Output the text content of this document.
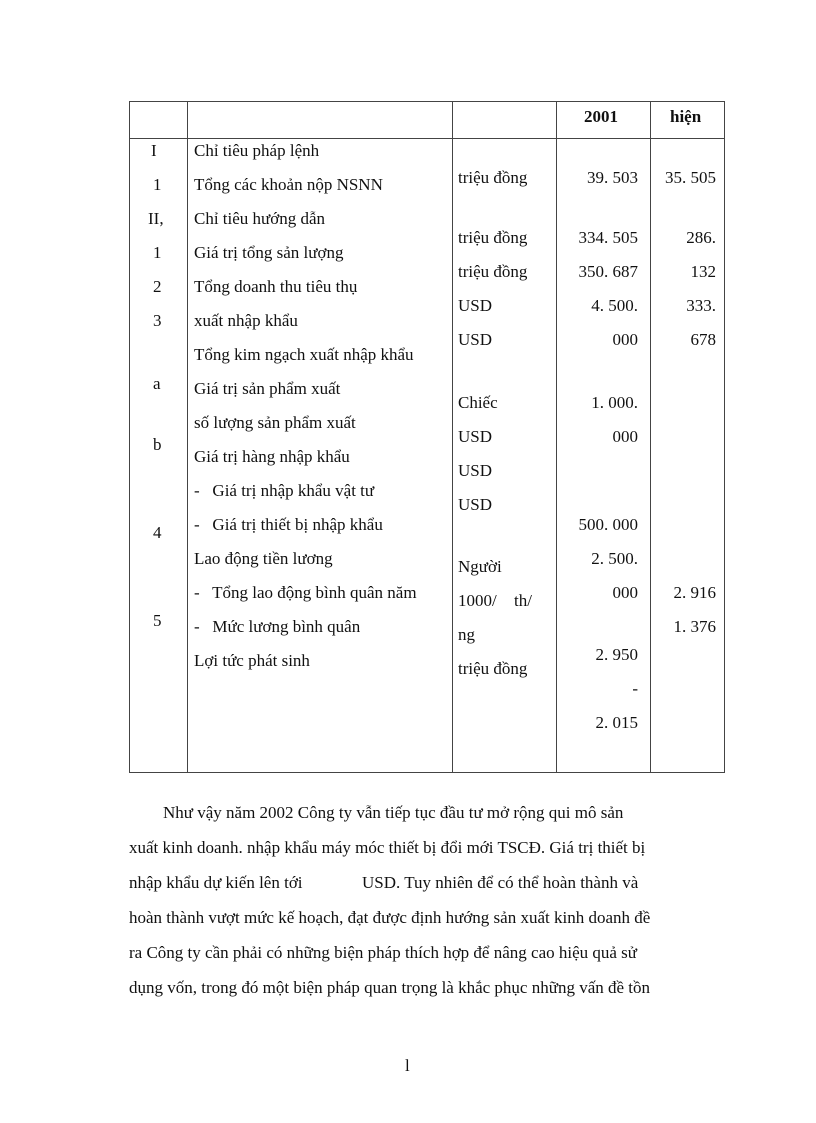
2001	hiện
I
1
II,
1
2
3
a
b
4
5
Chỉ tiêu pháp lệnh
Tổng các khoản nộp NSNN
Chỉ tiêu hướng dẫn
Giá trị tổng sản lượng
Tổng doanh thu tiêu thụ
xuất nhập khẩu
Tổng kim ngạch xuất nhập khẩu
Giá trị sản phẩm xuất
số lượng sản phẩm xuất
Giá trị hàng nhập khẩu
-   Giá trị nhập khẩu vật tư
-   Giá trị thiết bị nhập khẩu
Lao động tiền lương
-   Tổng lao động bình quân năm
-   Mức lương bình quân
Lợi tức phát sinh
triệu đồng
triệu đồng
triệu đồng
USD
USD
Chiếc
USD
USD
USD
Người
1000/ th/
ng
triệu đồng
39. 503
334. 505
350. 687
4. 500.
000
1. 000.
000
500. 000
2. 500.
000
2. 950
-
2. 015
35. 505
286.
132
333.
678
2. 916
1. 376
Như vậy năm 2002 Công ty vẫn tiếp tục đầu tư mở rộng qui mô sản
xuất kinh doanh. nhập khẩu máy móc thiết bị đổi mới TSCĐ. Giá trị thiết bị
nhập khẩu dự kiến lên tới              USD. Tuy nhiên để có thể hoàn thành và
hoàn thành vượt mức kế hoạch, đạt được định hướng sản xuất kinh doanh đề
ra Công ty cần phải có những biện pháp thích hợp để nâng cao hiệu quả sử
dụng vốn, trong đó một biện pháp quan trọng là khắc phục những vấn đề tồn
l
